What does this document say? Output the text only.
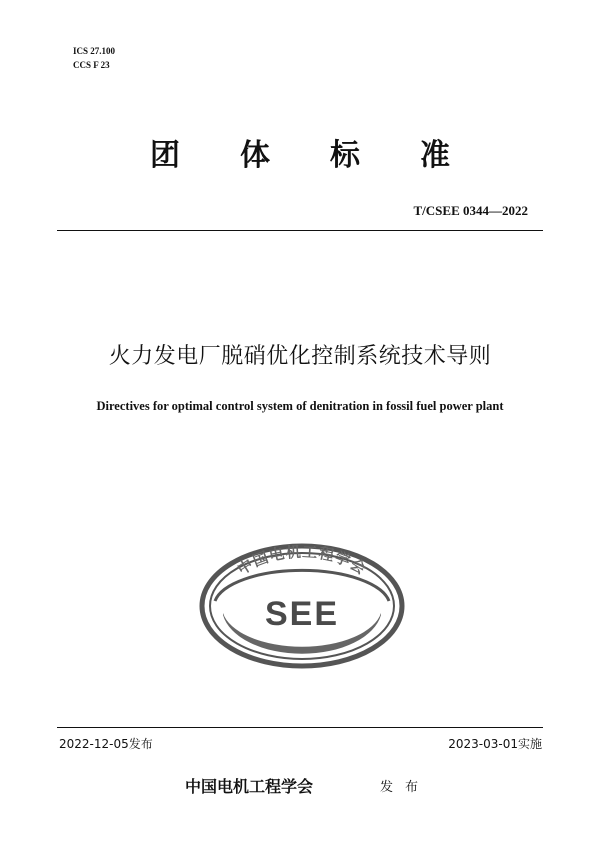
ICS 27.100
CCS F 23
团体标准
T/CSEE 0344—2022
火力发电厂脱硝优化控制系统技术导则
Directives for optimal control system of denitration in fossil fuel power plant
中国电机工程学会
SEE
2022-12-05发布	2023-03-01实施
中国电机工程学会	发布
